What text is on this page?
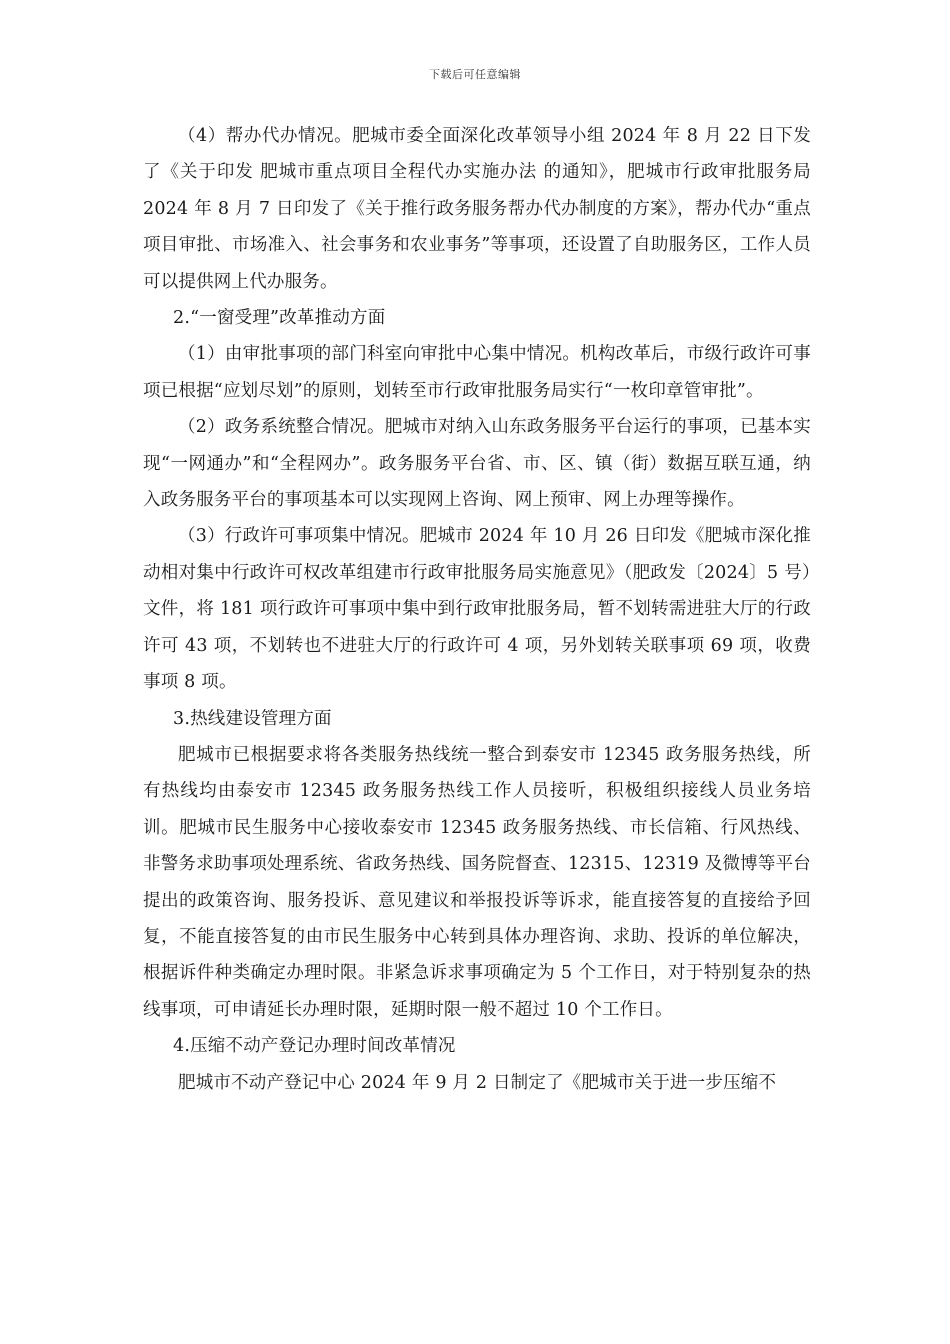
下载后可任意编辑

（4）帮办代办情况。肥城市委全面深化改革领导小组 2024 年 8 月 22 日下发了《关于印发 肥城市重点项目全程代办实施办法 的通知》，肥城市行政审批服务局 2024 年 8 月 7 日印发了《关于推行政务服务帮办代办制度的方案》，帮办代办“重点项目审批、市场准入、社会事务和农业事务”等事项，还设置了自助服务区，工作人员可以提供网上代办服务。

2.“一窗受理”改革推动方面

（1）由审批事项的部门科室向审批中心集中情况。机构改革后，市级行政许可事项已根据“应划尽划”的原则，划转至市行政审批服务局实行“一枚印章管审批”。

（2）政务系统整合情况。肥城市对纳入山东政务服务平台运行的事项，已基本实现“一网通办”和“全程网办”。政务服务平台省、市、区、镇（街）数据互联互通，纳入政务服务平台的事项基本可以实现网上咨询、网上预审、网上办理等操作。

（3）行政许可事项集中情况。肥城市 2024 年 10 月 26 日印发《肥城市深化推动相对集中行政许可权改革组建市行政审批服务局实施意见》（肥政发〔2024〕5 号）文件，将 181 项行政许可事项中集中到行政审批服务局，暂不划转需进驻大厅的行政许可 43 项，不划转也不进驻大厅的行政许可 4 项，另外划转关联事项 69 项，收费事项 8 项。

3.热线建设管理方面

肥城市已根据要求将各类服务热线统一整合到泰安市 12345 政务服务热线，所有热线均由泰安市 12345 政务服务热线工作人员接听，积极组织接线人员业务培训。肥城市民生服务中心接收泰安市 12345 政务服务热线、市长信箱、行风热线、非警务求助事项处理系统、省政务热线、国务院督查、12315、12319 及微博等平台提出的政策咨询、服务投诉、意见建议和举报投诉等诉求，能直接答复的直接给予回复，不能直接答复的由市民生服务中心转到具体办理咨询、求助、投诉的单位解决，根据诉件种类确定办理时限。非紧急诉求事项确定为 5 个工作日，对于特别复杂的热线事项，可申请延长办理时限，延期时限一般不超过 10 个工作日。

4.压缩不动产登记办理时间改革情况

肥城市不动产登记中心 2024 年 9 月 2 日制定了《肥城市关于进一步压缩不
